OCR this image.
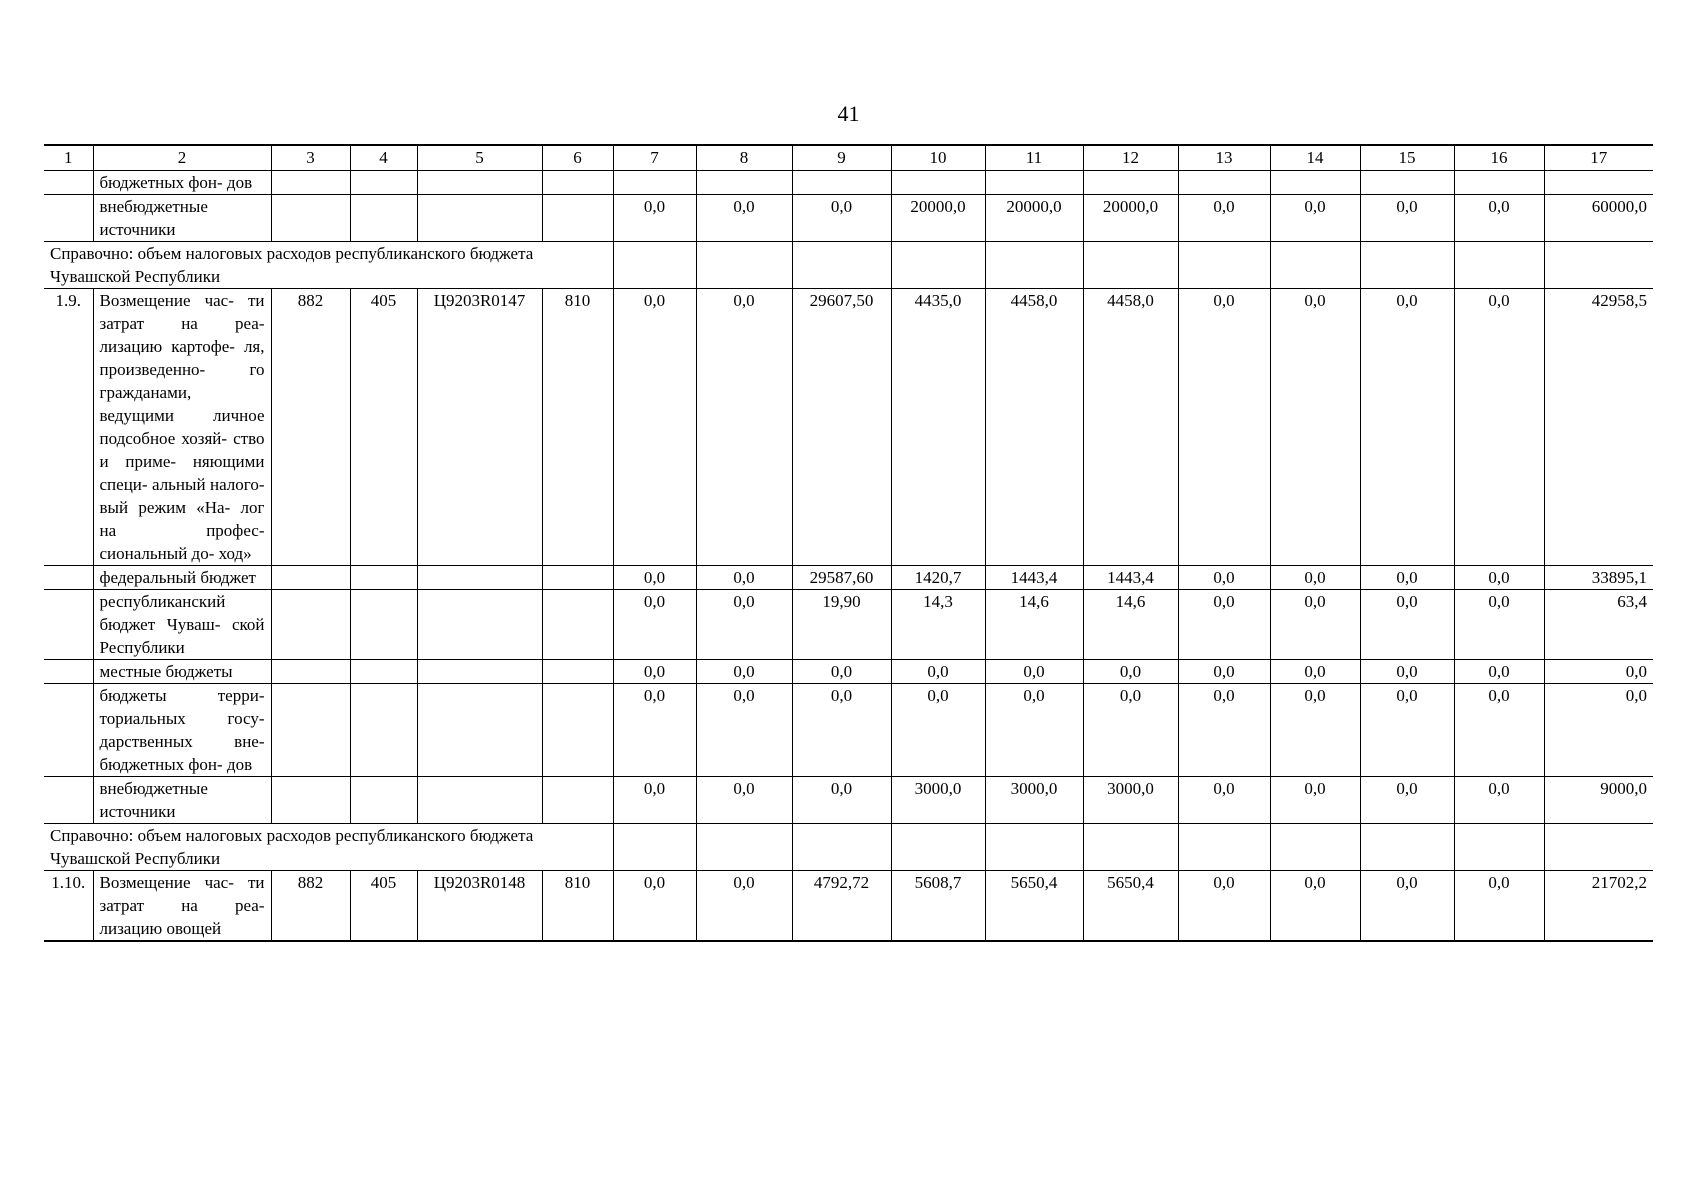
41
1	2	3	4	5	6	7	8	9	10	11	12	13	14	15	16	17
	бюджетных фон- дов															
	внебюджетные источники					0,0	0,0	0,0	20000,0	20000,0	20000,0	0,0	0,0	0,0	0,0	60000,0
Справочно: объем налоговых расходов республиканского бюджета Чувашской Республики																
1.9.	Возмещение час- ти затрат на реа- лизацию картофе- ля, произведенно- го гражданами, ведущими личное подсобное хозяй- ство и приме- няющими специ- альный налого- вый режим «На- лог на профес- сиональный до- ход»	882	405	Ц9203R0147	810	0,0	0,0	29607,50	4435,0	4458,0	4458,0	0,0	0,0	0,0	0,0	42958,5
	федеральный бюджет					0,0	0,0	29587,60	1420,7	1443,4	1443,4	0,0	0,0	0,0	0,0	33895,1
	республиканский бюджет Чуваш- ской Республики					0,0	0,0	19,90	14,3	14,6	14,6	0,0	0,0	0,0	0,0	63,4
	местные бюджеты					0,0	0,0	0,0	0,0	0,0	0,0	0,0	0,0	0,0	0,0	0,0
	бюджеты терри- ториальных госу- дарственных вне- бюджетных фон- дов					0,0	0,0	0,0	0,0	0,0	0,0	0,0	0,0	0,0	0,0	0,0
	внебюджетные источники					0,0	0,0	0,0	3000,0	3000,0	3000,0	0,0	0,0	0,0	0,0	9000,0
Справочно: объем налоговых расходов республиканского бюджета Чувашской Республики																
1.10.	Возмещение час- ти затрат на реа- лизацию овощей	882	405	Ц9203R0148	810	0,0	0,0	4792,72	5608,7	5650,4	5650,4	0,0	0,0	0,0	0,0	21702,2
